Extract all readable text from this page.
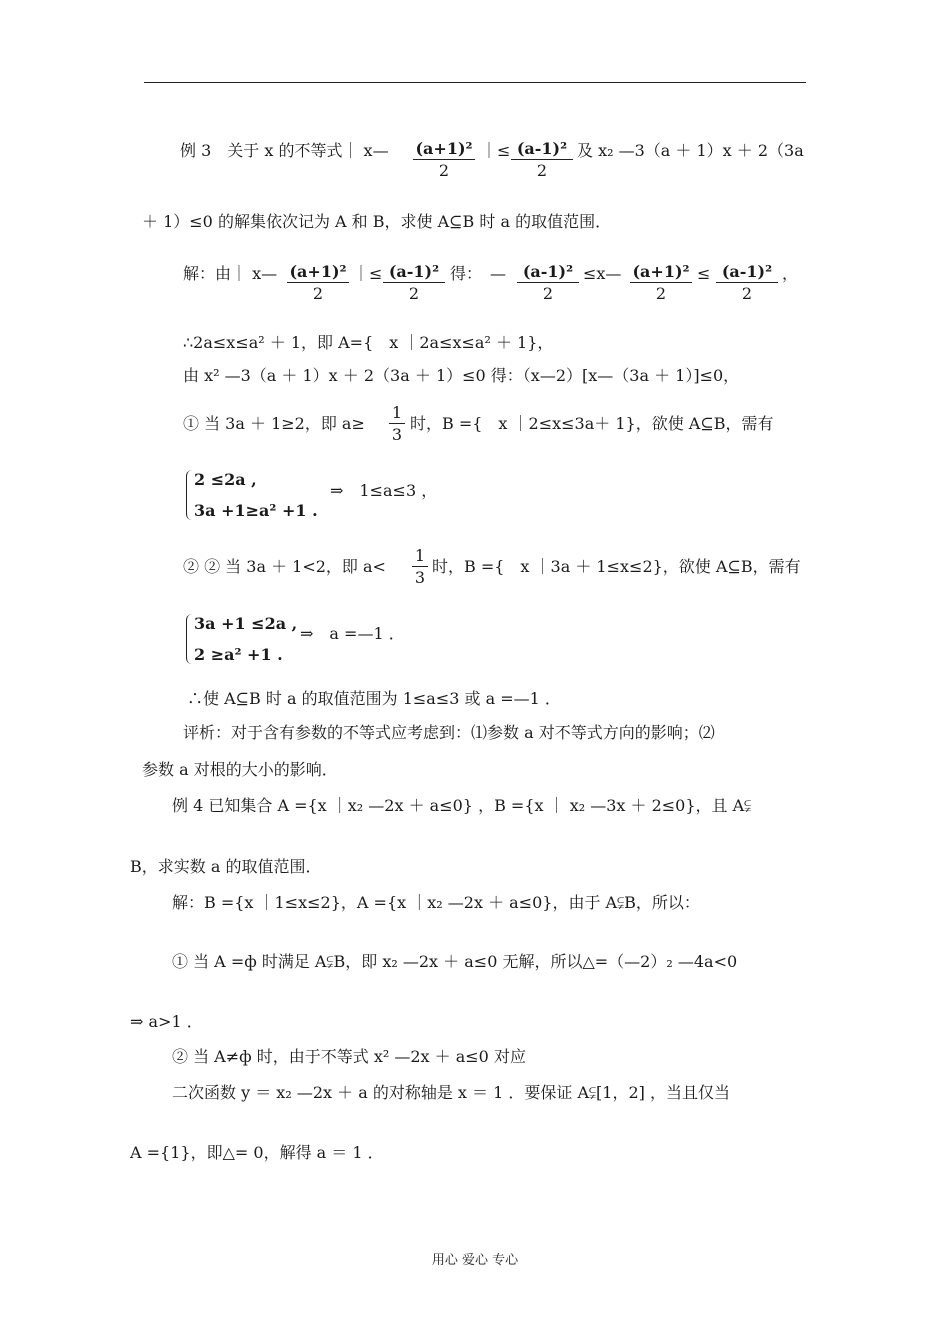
例 3　关于 x 的不等式｜ x— $\frac{\text{(a+1)²}}{2}$ ｜≤ $\frac{\text{(a-1)²}}{2}$ 及 x₂ —3（a ＋ 1）x ＋ 2（3a
＋ 1）≤0 的解集依次记为 A 和 B，求使 A⊆B 时 a 的取值范围．
解：由｜ x— $\frac{\text{(a+1)²}}{2}$ ｜≤ $\frac{\text{(a-1)²}}{2}$ 得：　— $\frac{\text{(a-1)²}}{2}$ ≤x— $\frac{\text{(a+1)²}}{2} \le \frac{\text{(a-1)²}}{2}$ ，
∴2a≤x≤a² ＋ 1，即 A={　x ｜2a≤x≤a² ＋ 1}，
由 x² —3（a ＋ 1）x ＋ 2（3a ＋ 1）≤0 得：（x—2）[x—（3a ＋ 1）]≤0，
① 当 3a ＋ 1≥2，即 $a\ge \frac{1}{3}$ 时，B ={　x ｜2≤x≤3a＋ 1}，欲使 A⊆B，需有
2 ≤2a ,
3a +1≥a² +1 .
⇒　1≤a≤3 ，
② ② 当 3a ＋ 1<2，即 $a< \frac{1}{3}$ 时，B ={　x ｜3a ＋ 1≤x≤2}，欲使 A⊆B，需有
3a +1 ≤2a ,
2 ≥a² +1 .
⇒　a =—1 ．
∴使 A⊆B 时 a 的取值范围为 1≤a≤3 或 a =—1 ．
评析：对于含有参数的不等式应考虑到：⑴参数 a 对不等式方向的影响；⑵
参数 a 对根的大小的影响．
例 4 已知集合 A ={x ｜x₂ —2x ＋ a≤0} ，B ={x ｜ x₂ —3x ＋ 2≤0}，且 A⫋
B，求实数 a 的取值范围．
解：B ={x ｜1≤x≤2}，A ={x ｜x₂ —2x ＋ a≤0}，由于 A⫋B，所以：
① 当 A =ф 时满足 A⫋B，即 x₂ —2x ＋ a≤0 无解，所以△=（—2）₂ —4a<0
⇒ a>1 ．
② 当 A≠ф 时，由于不等式 x² —2x ＋ a≤0 对应
二次函数 y ＝ x₂ —2x ＋ a 的对称轴是 x ＝ 1 ．要保证 A⫋[1，2] ，当且仅当
A ={1}，即△= 0，解得 a ＝ 1 ．
用心 爱心 专心
